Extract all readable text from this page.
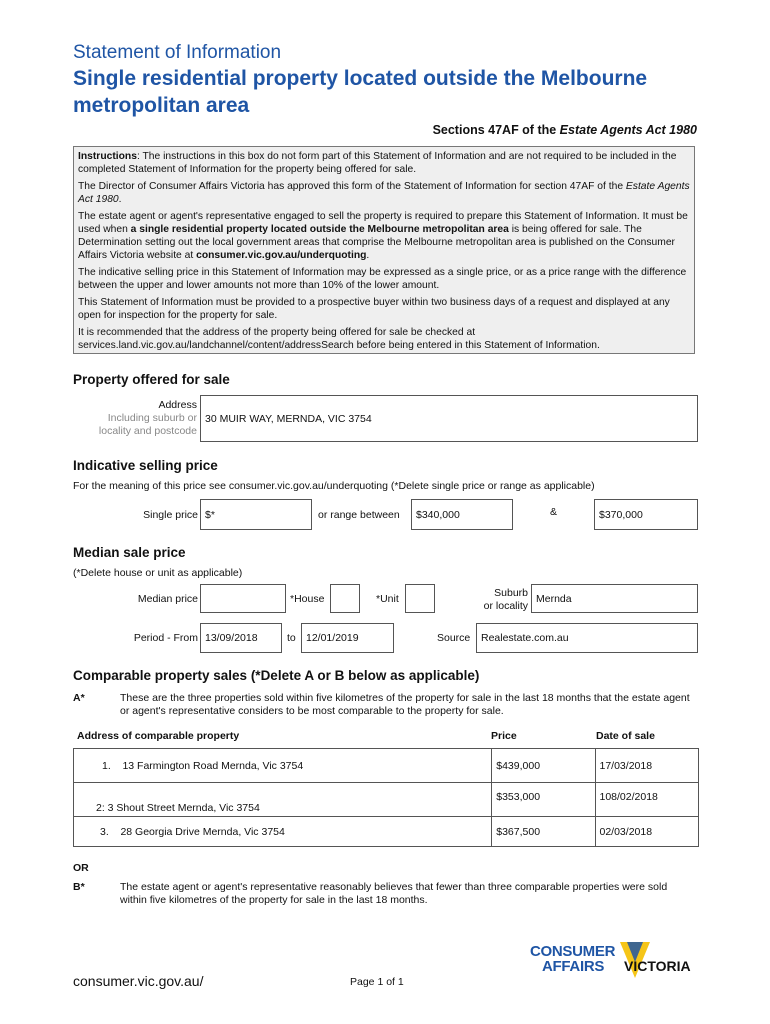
Statement of Information
Single residential property located outside the Melbourne metropolitan area
Sections 47AF of the Estate Agents Act 1980

Instructions: The instructions in this box do not form part of this Statement of Information and are not required to be included in the completed Statement of Information for the property being offered for sale.

The Director of Consumer Affairs Victoria has approved this form of the Statement of Information for section 47AF of the Estate Agents Act 1980.

The estate agent or agent's representative engaged to sell the property is required to prepare this Statement of Information. It must be used when a single residential property located outside the Melbourne metropolitan area is being offered for sale. The Determination setting out the local government areas that comprise the Melbourne metropolitan area is published on the Consumer Affairs Victoria website at consumer.vic.gov.au/underquoting.

The indicative selling price in this Statement of Information may be expressed as a single price, or as a price range with the difference between the upper and lower amounts not more than 10% of the lower amount.

This Statement of Information must be provided to a prospective buyer within two business days of a request and displayed at any open for inspection for the property for sale.

It is recommended that the address of the property being offered for sale be checked at services.land.vic.gov.au/landchannel/content/addressSearch before being entered in this Statement of Information.

Property offered for sale
Address
Including suburb or
locality and postcode
30 MUIR WAY, MERNDA, VIC 3754
Indicative selling price
For the meaning of this price see consumer.vic.gov.au/underquoting (*Delete single price or range as applicable)
Single price $*	or range between $340,000	&	$370,000
Median sale price
(*Delete house or unit as applicable)
Median price	*House	*Unit	Suburb
or locality
Mernda
Period - From 13/09/2018	to 12/01/2019	Source Realestate.com.au
Comparable property sales (*Delete A or B below as applicable)
A*	These are the three properties sold within five kilometres of the property for sale in the last 18 months that the estate agent or agent's representative considers to be most comparable to the property for sale.
Address of comparable property	Price	Date of sale
1. 13 Farmington Road Mernda, Vic 3754	$439,000	17/03/2018
2: 3 Shout Street Mernda, Vic 3754	$353,000	108/02/2018
3. 28 Georgia Drive Mernda, Vic 3754	$367,500	02/03/2018
OR
B*	The estate agent or agent's representative reasonably believes that fewer than three comparable properties were sold within five kilometres of the property for sale in the last 18 months.
CONSUMER
AFFAIRS VICTORIA
consumer.vic.gov.au/	Page 1 of 1
